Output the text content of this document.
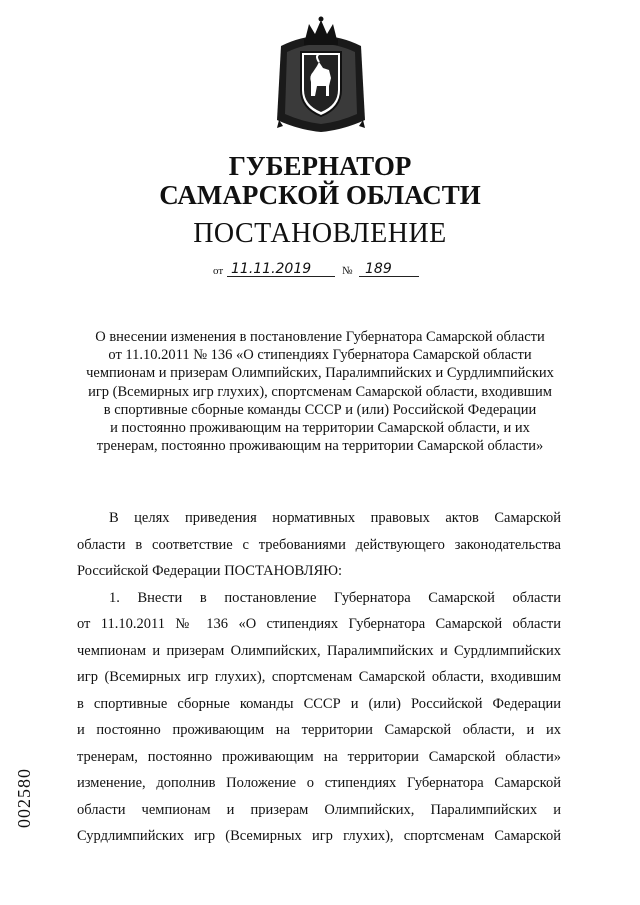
ГУБЕРНАТОР
САМАРСКОЙ ОБЛАСТИ
ПОСТАНОВЛЕНИЕ
от 11.11.2019	№ 189
О внесении изменения в постановление Губернатора Самарской области
от 11.10.2011 № 136 «О стипендиях Губернатора Самарской области
чемпионам и призерам Олимпийских, Паралимпийских и Сурдлимпийских
игр (Всемирных игр глухих), спортсменам Самарской области, входившим
в спортивные сборные команды СССР и (или) Российской Федерации
и постоянно проживающим на территории Самарской области, и их
тренерам, постоянно проживающим на территории Самарской области»
В целях приведения нормативных правовых актов Самарской
области в соответствие с требованиями действующего законодательства
Российской Федерации ПОСТАНОВЛЯЮ:
1. Внести в постановление Губернатора Самарской области
от 11.10.2011 № 136 «О стипендиях Губернатора Самарской области
чемпионам и призерам Олимпийских, Паралимпийских и Сурдлимпийских
игр (Всемирных игр глухих), спортсменам Самарской области, входившим
в спортивные сборные команды СССР и (или) Российской Федерации
и постоянно проживающим на территории Самарской области, и их
тренерам, постоянно проживающим на территории Самарской области»
изменение, дополнив Положение о стипендиях Губернатора Самарской
области чемпионам и призерам Олимпийских, Паралимпийских и
Сурдлимпийских игр (Всемирных игр глухих), спортсменам Самарской
002580
